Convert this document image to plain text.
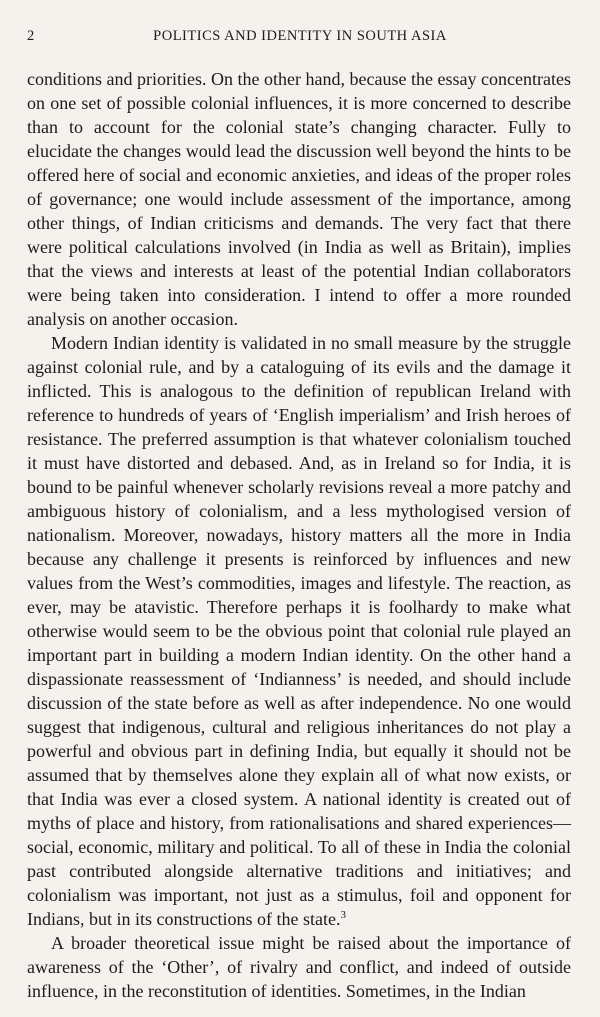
2	POLITICS AND IDENTITY IN SOUTH ASIA

conditions and priorities. On the other hand, because the essay concentrates on one set of possible colonial influences, it is more concerned to describe than to account for the colonial state’s changing character. Fully to elucidate the changes would lead the discussion well beyond the hints to be offered here of social and economic anxieties, and ideas of the proper roles of governance; one would include assessment of the importance, among other things, of Indian criticisms and demands. The very fact that there were political calculations involved (in India as well as Britain), implies that the views and interests at least of the potential Indian collaborators were being taken into consideration. I intend to offer a more rounded analysis on another occasion.

Modern Indian identity is validated in no small measure by the struggle against colonial rule, and by a cataloguing of its evils and the damage it inflicted. This is analogous to the definition of republican Ireland with reference to hundreds of years of ‘English imperialism’ and Irish heroes of resistance. The preferred assumption is that whatever colonialism touched it must have distorted and debased. And, as in Ireland so for India, it is bound to be painful whenever scholarly revisions reveal a more patchy and ambiguous history of colonialism, and a less mythologised version of nationalism. Moreover, nowadays, history matters all the more in India because any challenge it presents is reinforced by influences and new values from the West’s commodities, images and lifestyle. The reaction, as ever, may be atavistic. Therefore perhaps it is foolhardy to make what otherwise would seem to be the obvious point that colonial rule played an important part in building a modern Indian identity. On the other hand a dispassionate reassessment of ‘Indianness’ is needed, and should include discussion of the state before as well as after independence. No one would suggest that indigenous, cultural and religious inheritances do not play a powerful and obvious part in defining India, but equally it should not be assumed that by themselves alone they explain all of what now exists, or that India was ever a closed system. A national identity is created out of myths of place and history, from rationalisations and shared experiences—social, economic, military and political. To all of these in India the colonial past contributed alongside alternative traditions and initiatives; and colonialism was important, not just as a stimulus, foil and opponent for Indians, but in its constructions of the state.$^3$

A broader theoretical issue might be raised about the importance of awareness of the ‘Other’, of rivalry and conflict, and indeed of outside influence, in the reconstitution of identities. Sometimes, in the Indian
